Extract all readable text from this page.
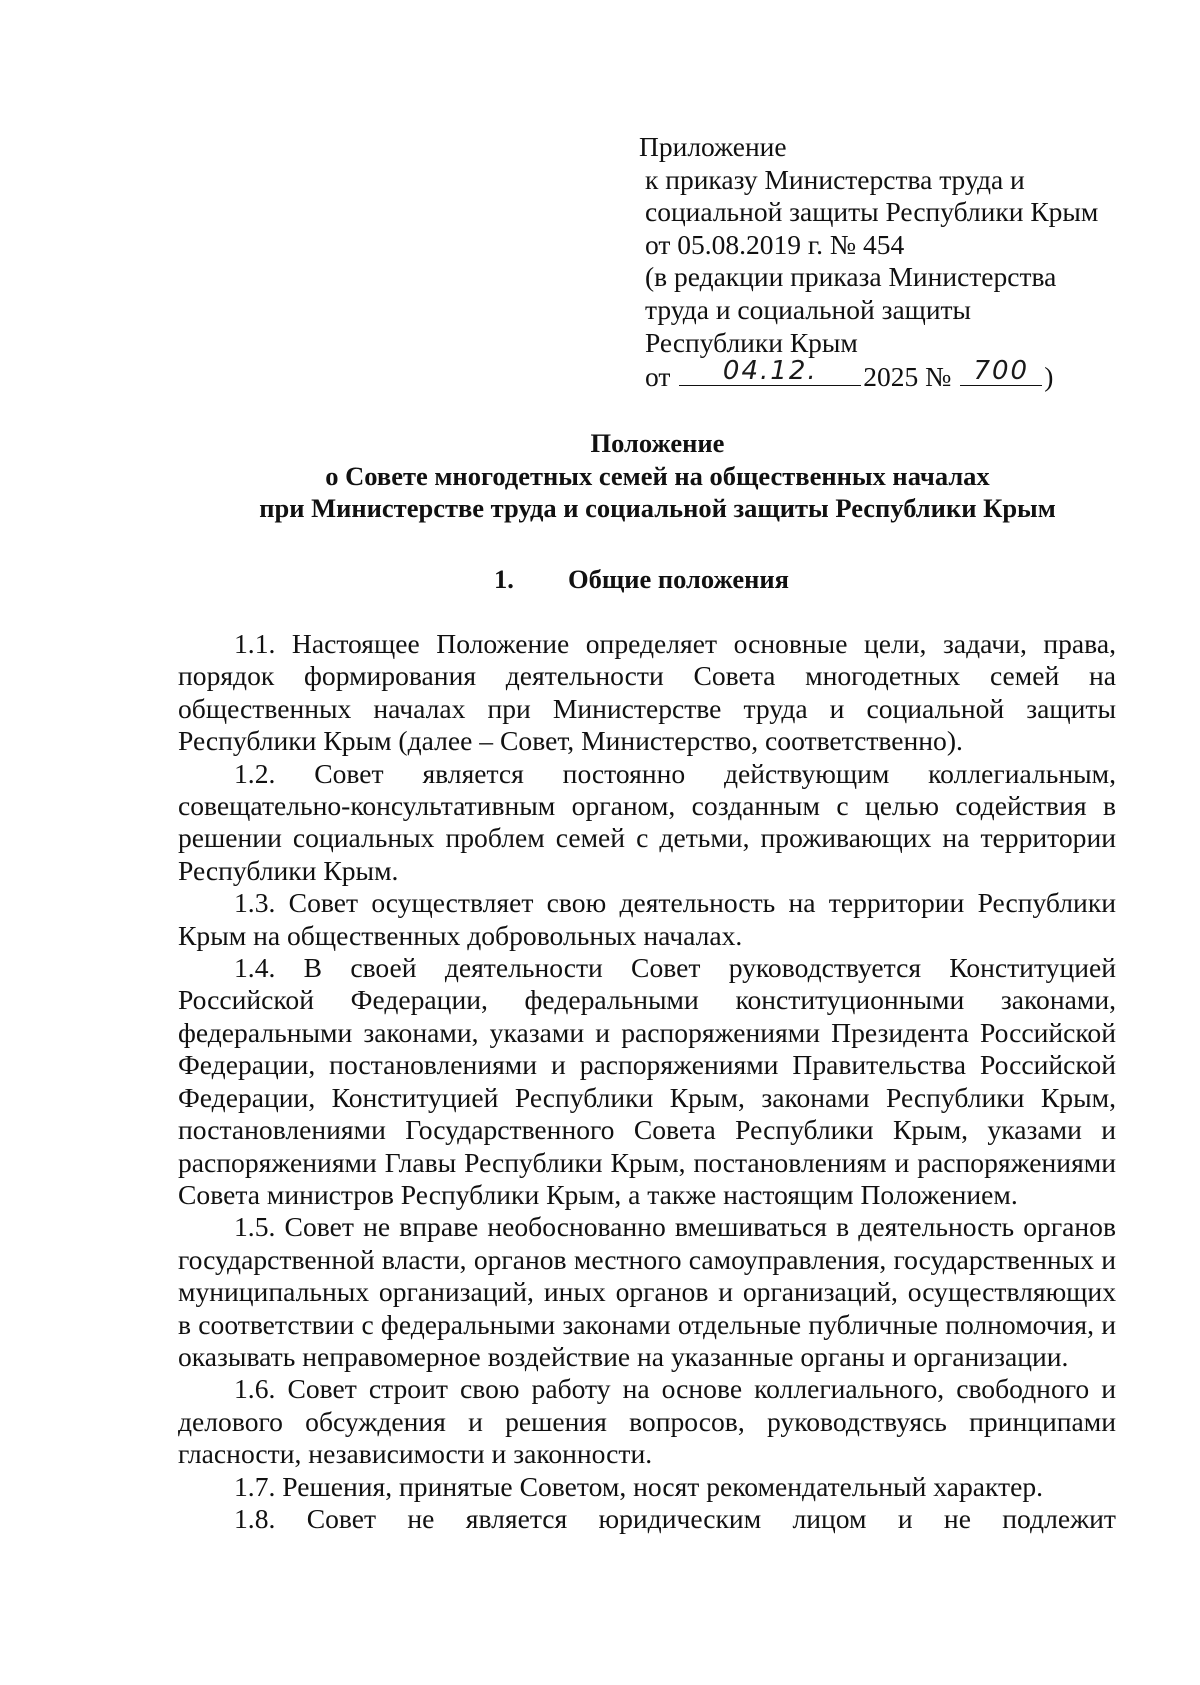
Приложение
к приказу Министерства труда и
социальной защиты Республики Крым
от 05.08.2019 г. № 454
(в редакции приказа Министерства
труда и социальной защиты
Республики Крым
от	04.12.	2025 № 700 )
Положение
о Совете многодетных семей на общественных началах
при Министерстве труда и социальной защиты Республики Крым
1. Общие положения

1.1. Настоящее Положение определяет основные цели, задачи, права, порядок формирования деятельности Совета многодетных семей на общественных началах при Министерстве труда и социальной защиты Республики Крым (далее – Совет, Министерство, соответственно).

1.2. Совет является постоянно действующим коллегиальным, совещательно-консультативным органом, созданным с целью содействия в решении социальных проблем семей с детьми, проживающих на территории Республики Крым.

1.3. Совет осуществляет свою деятельность на территории Республики Крым на общественных добровольных началах.

1.4. В своей деятельности Совет руководствуется Конституцией Российской Федерации, федеральными конституционными законами, федеральными законами, указами и распоряжениями Президента Российской Федерации, постановлениями и распоряжениями Правительства Российской Федерации, Конституцией Республики Крым, законами Республики Крым, постановлениями Государственного Совета Республики Крым, указами и распоряжениями Главы Республики Крым, постановлениям и распоряжениями Совета министров Республики Крым, а также настоящим Положением.

1.5. Совет не вправе необоснованно вмешиваться в деятельность органов государственной власти, органов местного самоуправления, государственных и муниципальных организаций, иных органов и организаций, осуществляющих в соответствии с федеральными законами отдельные публичные полномочия, и оказывать неправомерное воздействие на указанные органы и организации.

1.6. Совет строит свою работу на основе коллегиального, свободного и делового обсуждения и решения вопросов, руководствуясь принципами гласности, независимости и законности.

1.7. Решения, принятые Советом, носят рекомендательный характер.

1.8. Совет не является юридическим лицом и не подлежит
